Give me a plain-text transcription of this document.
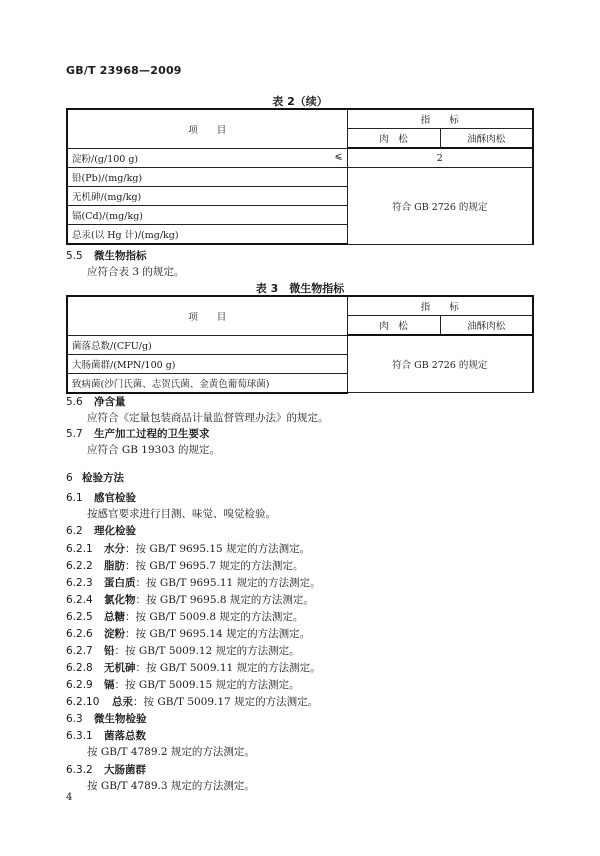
GB/T 23968—2009
表 2（续）
项　　目	指　　标	
	肉　松	油酥肉松
淀粉/(g/100 g) ⩽	2	
铅(Pb)/(mg/kg)	符合 GB 2726 的规定	
无机砷/(mg/kg)		
镉(Cd)/(mg/kg)		
总汞(以 Hg 计)/(mg/kg)		
5.5 微生物指标
应符合表 3 的规定。
表 3　微生物指标
项　　目	指　　标	
	肉　松	油酥肉松
菌落总数/(CFU/g)	符合 GB 2726 的规定	
大肠菌群/(MPN/100 g)		
致病菌(沙门氏菌、志贺氏菌、金黄色葡萄球菌)		
5.6 净含量
应符合《定量包装商品计量监督管理办法》的规定。
5.7 生产加工过程的卫生要求
应符合 GB 19303 的规定。
6 检验方法
6.1 感官检验
按感官要求进行目测、味觉、嗅觉检验。
6.2 理化检验
6.2.1 水分：按 GB/T 9695.15 规定的方法测定。
6.2.2 脂肪：按 GB/T 9695.7 规定的方法测定。
6.2.3 蛋白质：按 GB/T 9695.11 规定的方法测定。
6.2.4 氯化物：按 GB/T 9695.8 规定的方法测定。
6.2.5 总糖：按 GB/T 5009.8 规定的方法测定。
6.2.6 淀粉：按 GB/T 9695.14 规定的方法测定。
6.2.7 铅：按 GB/T 5009.12 规定的方法测定。
6.2.8 无机砷：按 GB/T 5009.11 规定的方法测定。
6.2.9 镉：按 GB/T 5009.15 规定的方法测定。
6.2.10 总汞：按 GB/T 5009.17 规定的方法测定。
6.3 微生物检验
6.3.1 菌落总数
按 GB/T 4789.2 规定的方法测定。
6.3.2 大肠菌群
按 GB/T 4789.3 规定的方法测定。
4
